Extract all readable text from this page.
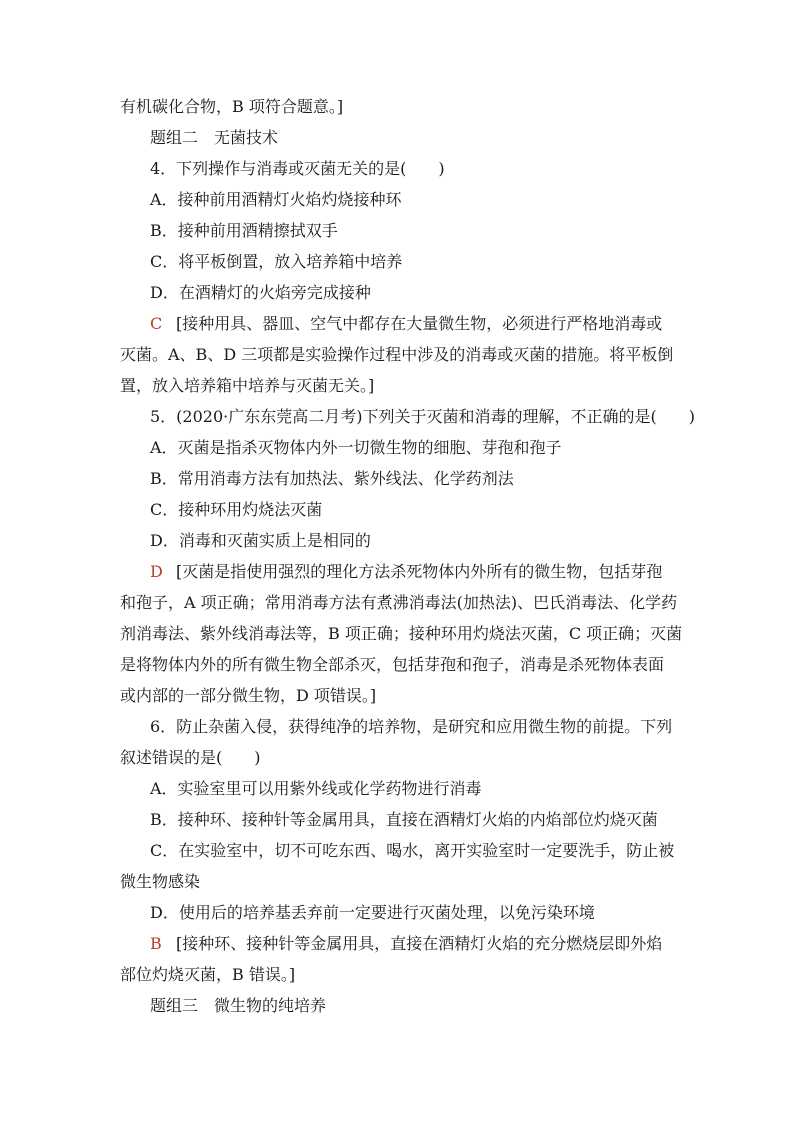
有机碳化合物，B 项符合题意。]
题组二　无菌技术
4．下列操作与消毒或灭菌无关的是(　　)
A．接种前用酒精灯火焰灼烧接种环
B．接种前用酒精擦拭双手
C．将平板倒置，放入培养箱中培养
D．在酒精灯的火焰旁完成接种
C [接种用具、器皿、空气中都存在大量微生物，必须进行严格地消毒或
灭菌。A、B、D 三项都是实验操作过程中涉及的消毒或灭菌的措施。将平板倒
置，放入培养箱中培养与灭菌无关。]
5．(2020·广东东莞高二月考)下列关于灭菌和消毒的理解，不正确的是(　　)
A．灭菌是指杀灭物体内外一切微生物的细胞、芽孢和孢子
B．常用消毒方法有加热法、紫外线法、化学药剂法
C．接种环用灼烧法灭菌
D．消毒和灭菌实质上是相同的
D [灭菌是指使用强烈的理化方法杀死物体内外所有的微生物，包括芽孢
和孢子，A 项正确；常用消毒方法有煮沸消毒法(加热法)、巴氏消毒法、化学药
剂消毒法、紫外线消毒法等，B 项正确；接种环用灼烧法灭菌，C 项正确；灭菌
是将物体内外的所有微生物全部杀灭，包括芽孢和孢子，消毒是杀死物体表面
或内部的一部分微生物，D 项错误。]
6．防止杂菌入侵，获得纯净的培养物，是研究和应用微生物的前提。下列
叙述错误的是(　　)
A．实验室里可以用紫外线或化学药物进行消毒
B．接种环、接种针等金属用具，直接在酒精灯火焰的内焰部位灼烧灭菌
C．在实验室中，切不可吃东西、喝水，离开实验室时一定要洗手，防止被
微生物感染
D．使用后的培养基丢弃前一定要进行灭菌处理，以免污染环境
B [接种环、接种针等金属用具，直接在酒精灯火焰的充分燃烧层即外焰
部位灼烧灭菌，B 错误。]
题组三　微生物的纯培养
